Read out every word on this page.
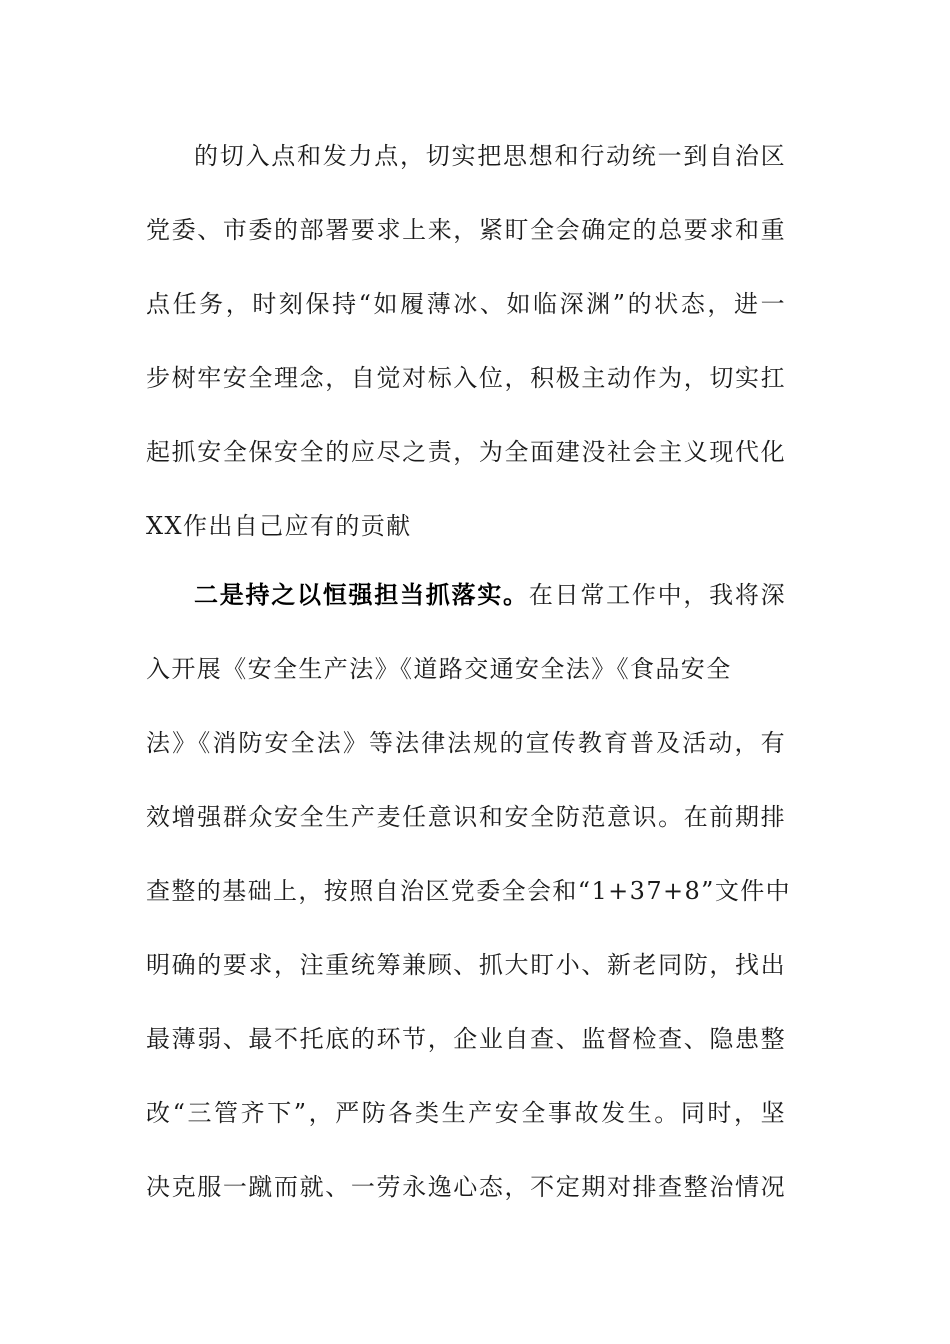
的切入点和发力点，切实把思想和行动统一到自治区
党委、市委的部署要求上来，紧盯全会确定的总要求和重
点任务，时刻保持“如履薄冰、如临深渊”的状态，进一
步树牢安全理念，自觉对标入位，积极主动作为，切实扛
起抓安全保安全的应尽之责，为全面建没社会主义现代化
XX作出自己应有的贡献
二是持之以恒强担当抓落实。在日常工作中，我将深
入开展《安全生产法》《道路交通安全法》《食品安全
法》《消防安全法》等法律法规的宣传教育普及活动，有
效增强群众安全生产麦任意识和安全防范意识。在前期排
查整的基础上，按照自治区党委全会和“1+37+8”文件中
明确的要求，注重统筹兼顾、抓大盯小、新老同防，找出
最薄弱、最不托底的环节，企业自查、监督检查、隐患整
改“三管齐下”，严防各类生产安全事故发生。同时，坚
决克服一蹴而就、一劳永逸心态，不定期对排查整治情况
